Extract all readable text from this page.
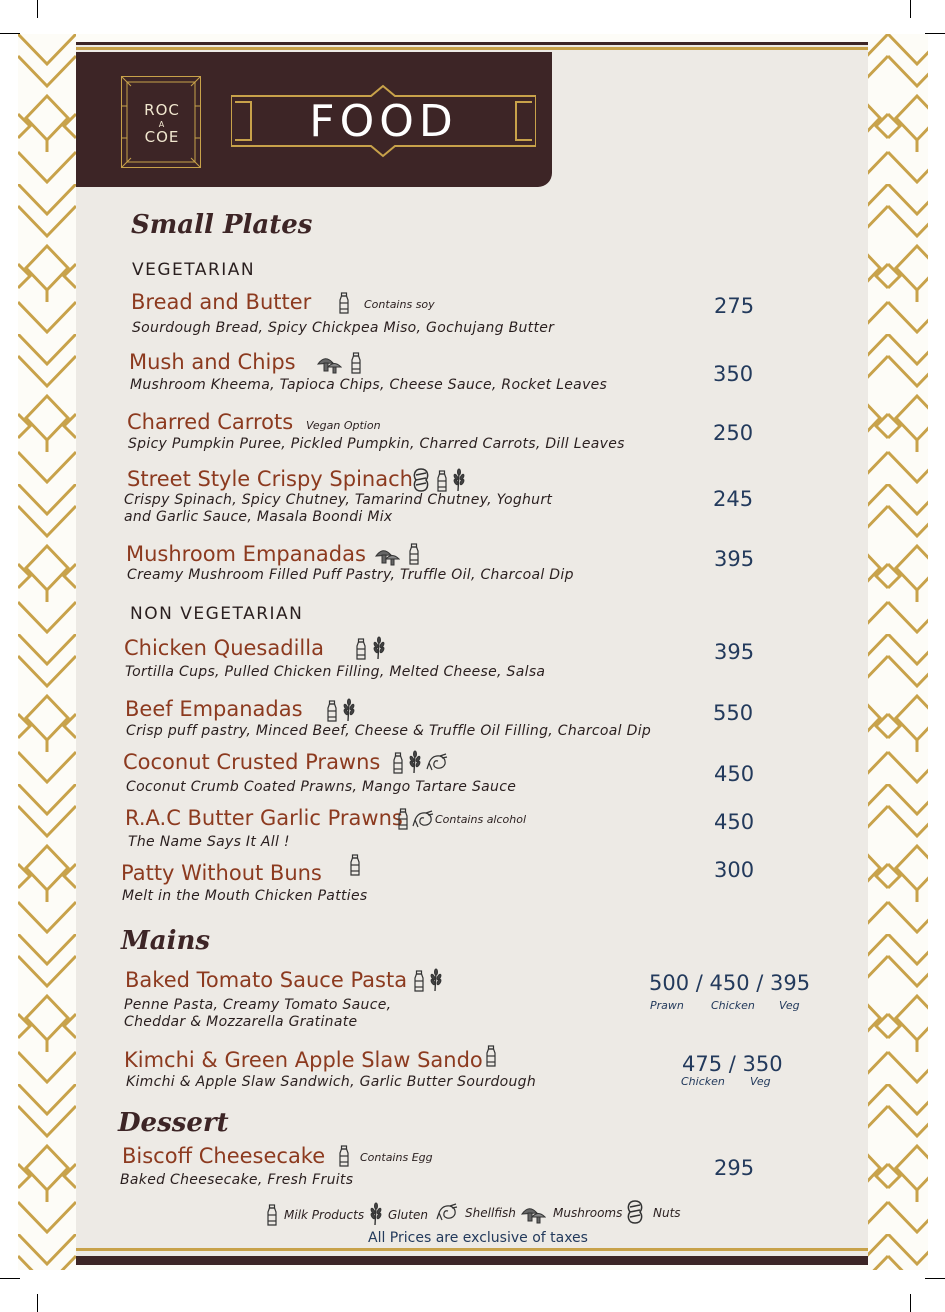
ROC
A
COE	FOOD
Small Plates
VEGETARIAN
NON VEGETARIAN
Mains
Dessert
Bread and Butter	Contains soy
Sourdough Bread, Spicy Chickpea Miso, Gochujang Butter
275
Mush and Chips
Mushroom Kheema, Tapioca Chips, Cheese Sauce, Rocket Leaves	350
Charred Carrots Vegan Option
Spicy Pumpkin Puree, Pickled Pumpkin, Charred Carrots, Dill Leaves	250
Street Style Crispy Spinach
Crispy Spinach, Spicy Chutney, Tamarind Chutney, Yoghurt
and Garlic Sauce, Masala Boondi Mix
245
Mushroom Empanadas
Creamy Mushroom Filled Puff Pastry, Truffle Oil, Charcoal Dip
395
Chicken Quesadilla
Tortilla Cups, Pulled Chicken Filling, Melted Cheese, Salsa
395
Beef Empanadas
Crisp puff pastry, Minced Beef, Cheese & Truffle Oil Filling, Charcoal Dip
550
Coconut Crusted Prawns
Coconut Crumb Coated Prawns, Mango Tartare Sauce
450
R.A.C Butter Garlic Prawns	Contains alcohol
The Name Says It All !
450
Patty Without Buns
Melt in the Mouth Chicken Patties
300
Baked Tomato Sauce Pasta
Penne Pasta, Creamy Tomato Sauce,
Cheddar & Mozzarella Gratinate
500 / 450 / 395
Prawn Chicken Veg
Kimchi & Green Apple Slaw Sando
Kimchi & Apple Slaw Sandwich, Garlic Butter Sourdough
475 / 350
Chicken Veg
Biscoff Cheesecake	Contains Egg
Baked Cheesecake, Fresh Fruits	295
Milk Products Gluten	Shellfish	Mushrooms	Nuts
All Prices are exclusive of taxes
